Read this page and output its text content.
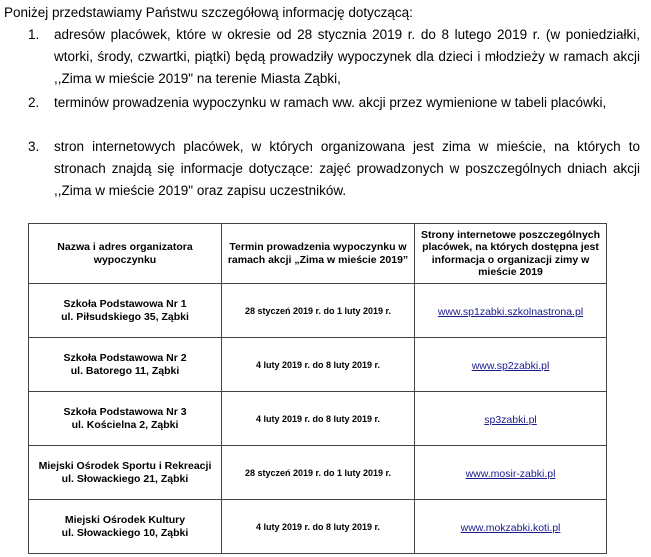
Poniżej przedstawiamy Państwu szczegółową informację dotyczącą:
1. adresów placówek, które w okresie od 28 stycznia 2019 r. do 8 lutego 2019 r. (w poniedziałki, wtorki, środy, czwartki, piątki) będą prowadziły wypoczynek dla dzieci i młodzieży w ramach akcji ,,Zima w mieście 2019" na terenie Miasta Ząbki,
2. terminów prowadzenia wypoczynku w ramach ww. akcji przez wymienione w tabeli placówki,
3. stron internetowych placówek, w których organizowana jest zima w mieście, na których to stronach znajdą się informacje dotyczące: zajęć prowadzonych w poszczególnych dniach akcji ,,Zima w mieście 2019" oraz zapisu uczestników.
Nazwa i adres organizatora wypoczynku	Termin prowadzenia wypoczynku w ramach akcji „Zima w mieście 2019”	Strony internetowe poszczególnych placówek, na których dostępna jest informacja o organizacji zimy w mieście 2019
Szkoła Podstawowa Nr 1
ul. Piłsudskiego 35, Ząbki	28 styczeń 2019 r. do 1 luty 2019 r.	www.sp1zabki.szkolnastrona.pl
Szkoła Podstawowa Nr 2
ul. Batorego 11, Ząbki	4 luty 2019 r. do 8 luty 2019 r.	www.sp2zabki.pl
Szkoła Podstawowa Nr 3
ul. Kościelna 2, Ząbki	4 luty 2019 r. do 8 luty 2019 r.	sp3zabki.pl
Miejski Ośrodek Sportu i Rekreacji
ul. Słowackiego 21, Ząbki	28 styczeń 2019 r. do 1 luty 2019 r.	www.mosir-zabki.pl
Miejski Ośrodek Kultury
ul. Słowackiego 10, Ząbki	4 luty 2019 r. do 8 luty 2019 r.	www.mokzabki.koti.pl
